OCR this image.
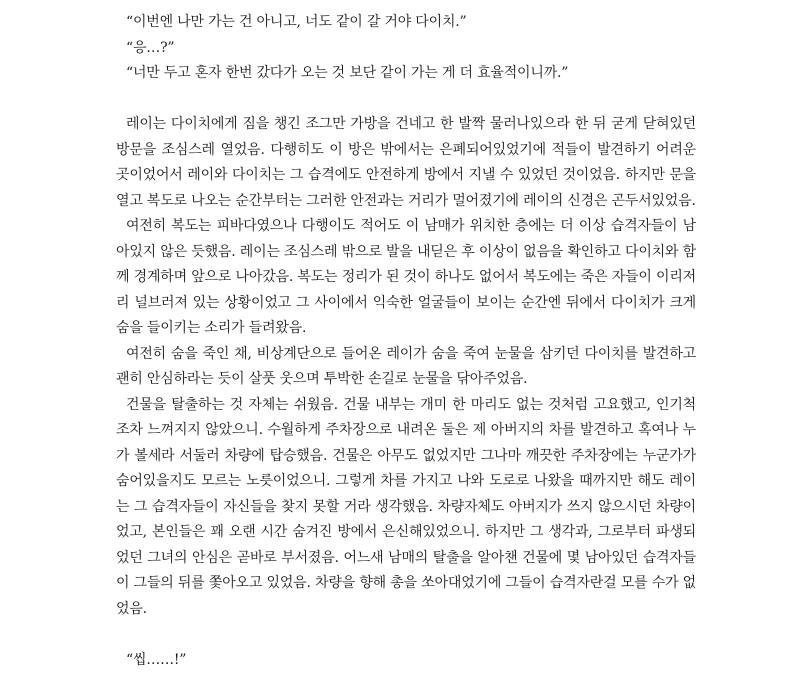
“이번엔 나만 가는 건 아니고, 너도 같이 갈 거야 다이치.”

“응…?”

“너만 두고 혼자 한번 갔다가 오는 것 보단 같이 가는 게 더 효율적이니까.”

레이는 다이치에게 짐을 챙긴 조그만 가방을 건네고 한 발짝 물러나있으라 한 뒤 굳게 닫혀있던 방문을 조심스레 열었음. 다행히도 이 방은 밖에서는 은폐되어있었기에 적들이 발견하기 어려운 곳이었어서 레이와 다이치는 그 습격에도 안전하게 방에서 지낼 수 있었던 것이었음. 하지만 문을 열고 복도로 나오는 순간부터는 그러한 안전과는 거리가 멀어졌기에 레이의 신경은 곤두서있었음.

여전히 복도는 피바다였으나 다행이도 적어도 이 남매가 위치한 층에는 더 이상 습격자들이 남아있지 않은 듯했음. 레이는 조심스레 밖으로 발을 내딛은 후 이상이 없음을 확인하고 다이치와 함께 경계하며 앞으로 나아갔음. 복도는 정리가 된 것이 하나도 없어서 복도에는 죽은 자들이 이리저리 널브러져 있는 상황이었고 그 사이에서 익숙한 얼굴들이 보이는 순간엔 뒤에서 다이치가 크게 숨을 들이키는 소리가 들려왔음.

여전히 숨을 죽인 채, 비상계단으로 들어온 레이가 숨을 죽여 눈물을 삼키던 다이치를 발견하고 괜히 안심하라는 듯이 살풋 웃으며 투박한 손길로 눈물을 닦아주었음.

건물을 탈출하는 것 자체는 쉬웠음. 건물 내부는 개미 한 마리도 없는 것처럼 고요했고, 인기척조차 느껴지지 않았으니. 수월하게 주차장으로 내려온 둘은 제 아버지의 차를 발견하고 혹여나 누가 볼세라 서둘러 차량에 탑승했음. 건물은 아무도 없었지만 그나마 깨끗한 주차장에는 누군가가 숨어있을지도 모르는 노릇이었으니. 그렇게 차를 가지고 나와 도로로 나왔을 때까지만 해도 레이는 그 습격자들이 자신들을 찾지 못할 거라 생각했음. 차량자체도 아버지가 쓰지 않으시던 차량이었고, 본인들은 꽤 오랜 시간 숨겨진 방에서 은신해있었으니. 하지만 그 생각과, 그로부터 파생되었던 그녀의 안심은 곧바로 부서졌음. 어느새 남매의 탈출을 알아챈 건물에 몇 남아있던 습격자들이 그들의 뒤를 쫓아오고 있었음. 차량을 향해 총을 쏘아대었기에 그들이 습격자란걸 모를 수가 없었음.

“씹……!”
